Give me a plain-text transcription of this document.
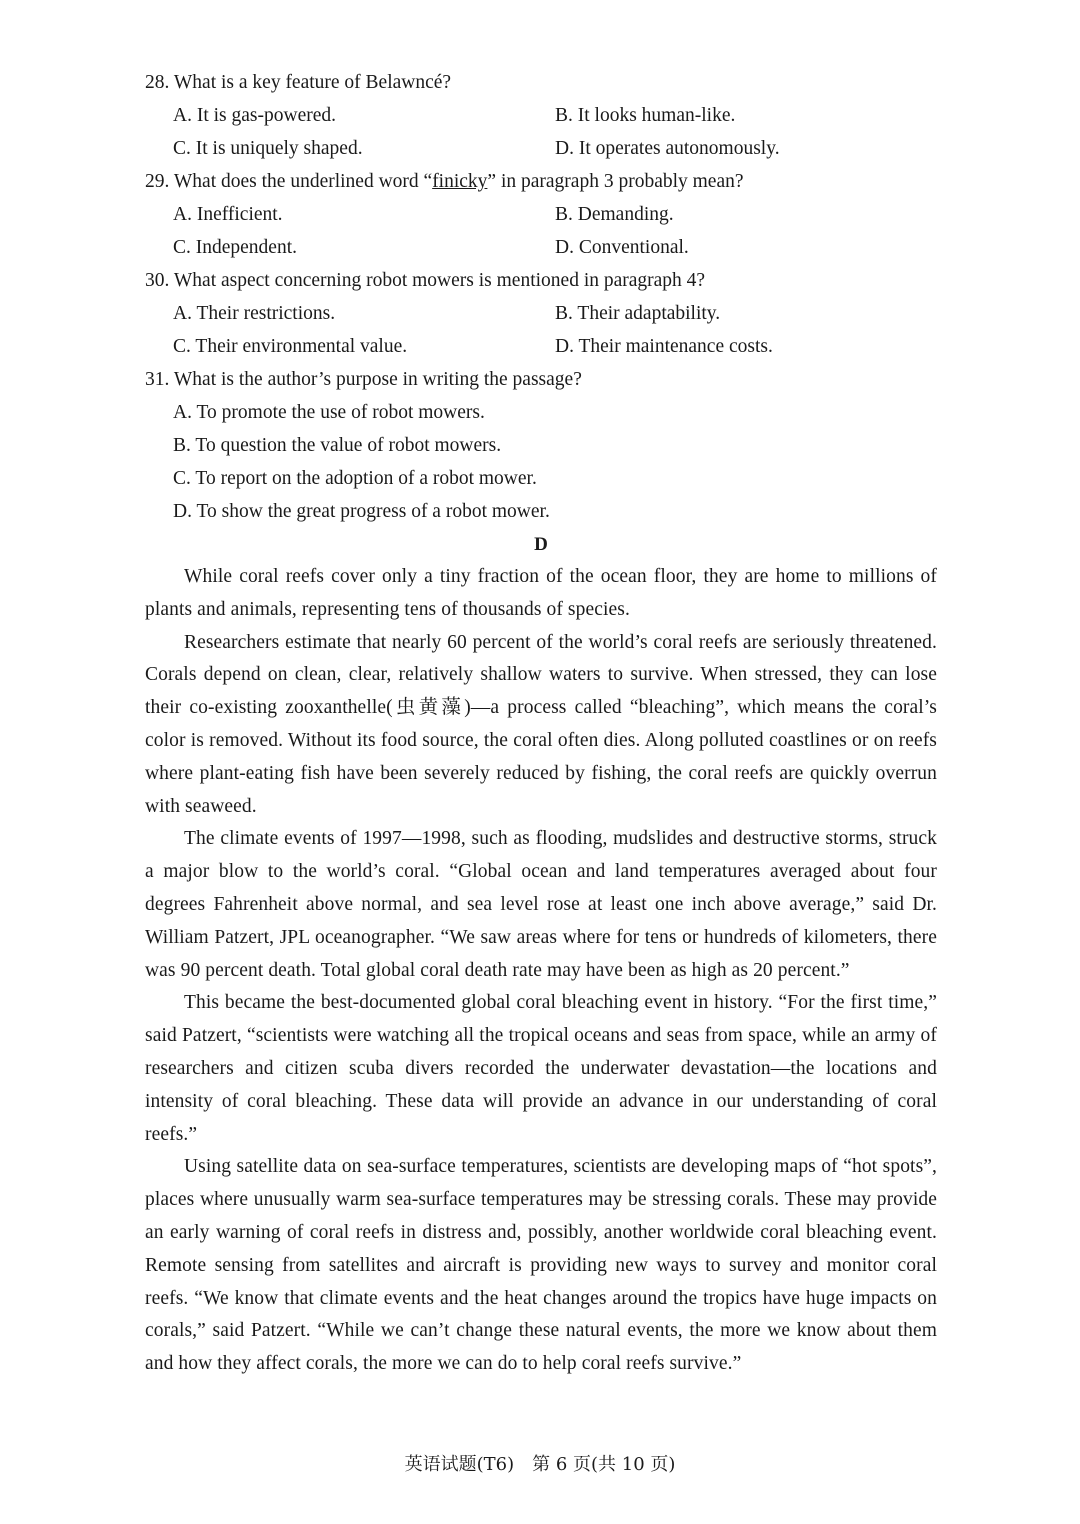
28. What is a key feature of Belawncé?
A. It is gas-powered.	B. It looks human-like.
C. It is uniquely shaped.	D. It operates autonomously.
29. What does the underlined word “finicky” in paragraph 3 probably mean?
A. Inefficient.	B. Demanding.
C. Independent.	D. Conventional.
30. What aspect concerning robot mowers is mentioned in paragraph 4?
A. Their restrictions.	B. Their adaptability.
C. Their environmental value.	D. Their maintenance costs.
31. What is the author’s purpose in writing the passage?
A. To promote the use of robot mowers.
B. To question the value of robot mowers.
C. To report on the adoption of a robot mower.
D. To show the great progress of a robot mower.
D

While coral reefs cover only a tiny fraction of the ocean floor, they are home to millions of plants and animals, representing tens of thousands of species.

Researchers estimate that nearly 60 percent of the world’s coral reefs are seriously threatened. Corals depend on clean, clear, relatively shallow waters to survive. When stressed, they can lose their co-existing zooxanthelle(虫黄藻)—a process called “bleaching”, which means the coral’s color is removed. Without its food source, the coral often dies. Along polluted coastlines or on reefs where plant-eating fish have been severely reduced by fishing, the coral reefs are quickly overrun with seaweed.

The climate events of 1997—1998, such as flooding, mudslides and destructive storms, struck a major blow to the world’s coral. “Global ocean and land temperatures averaged about four degrees Fahrenheit above normal, and sea level rose at least one inch above average,” said Dr. William Patzert, JPL oceanographer. “We saw areas where for tens or hundreds of kilometers, there was 90 percent death. Total global coral death rate may have been as high as 20 percent.”

This became the best-documented global coral bleaching event in history. “For the first time,” said Patzert, “scientists were watching all the tropical oceans and seas from space, while an army of researchers and citizen scuba divers recorded the underwater devastation—the locations and intensity of coral bleaching. These data will provide an advance in our understanding of coral reefs.”

Using satellite data on sea-surface temperatures, scientists are developing maps of “hot spots”, places where unusually warm sea-surface temperatures may be stressing corals. These may provide an early warning of coral reefs in distress and, possibly, another worldwide coral bleaching event. Remote sensing from satellites and aircraft is providing new ways to survey and monitor coral reefs. “We know that climate events and the heat changes around the tropics have huge impacts on corals,” said Patzert. “While we can’t change these natural events, the more we know about them and how they affect corals, the more we can do to help coral reefs survive.”

英语试题(T6)　第 6 页(共 10 页)
